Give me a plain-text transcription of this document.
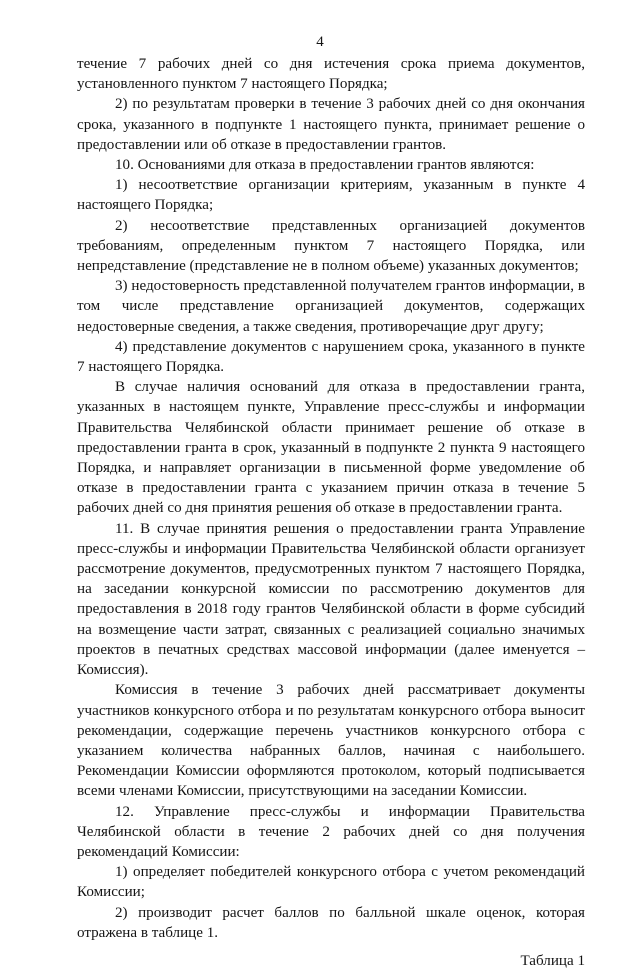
4

течение 7 рабочих дней со дня истечения срока приема документов, установленного пунктом 7 настоящего Порядка;

2) по результатам проверки в течение 3 рабочих дней со дня окончания срока, указанного в подпункте 1 настоящего пункта, принимает решение о предоставлении или об отказе в предоставлении грантов.

10. Основаниями для отказа в предоставлении грантов являются:

1) несоответствие организации критериям, указанным в пункте 4 настоящего Порядка;

2) несоответствие представленных организацией документов требованиям, определенным пунктом 7 настоящего Порядка, или непредставление (представление не в полном объеме) указанных документов;

3) недостоверность представленной получателем грантов информации, в том числе представление организацией документов, содержащих недостоверные сведения, а также сведения, противоречащие друг другу;

4) представление документов с нарушением срока, указанного в пункте 7 настоящего Порядка.

В случае наличия оснований для отказа в предоставлении гранта, указанных в настоящем пункте, Управление пресс-службы и информации Правительства Челябинской области принимает решение об отказе в предоставлении гранта в срок, указанный в подпункте 2 пункта 9 настоящего Порядка, и направляет организации в письменной форме уведомление об отказе в предоставлении гранта с указанием причин отказа в течение 5 рабочих дней со дня принятия решения об отказе в предоставлении гранта.

11. В случае принятия решения о предоставлении гранта Управление пресс-службы и информации Правительства Челябинской области организует рассмотрение документов, предусмотренных пунктом 7 настоящего Порядка, на заседании конкурсной комиссии по рассмотрению документов для предоставления в 2018 году грантов Челябинской области в форме субсидий на возмещение части затрат, связанных с реализацией социально значимых проектов в печатных средствах массовой информации (далее именуется – Комиссия).

Комиссия в течение 3 рабочих дней рассматривает документы участников конкурсного отбора и по результатам конкурсного отбора выносит рекомендации, содержащие перечень участников конкурсного отбора с указанием количества набранных баллов, начиная с наибольшего. Рекомендации Комиссии оформляются протоколом, который подписывается всеми членами Комиссии, присутствующими на заседании Комиссии.

12. Управление пресс-службы и информации Правительства Челябинской области в течение 2 рабочих дней со дня получения рекомендаций Комиссии:

1) определяет победителей конкурсного отбора с учетом рекомендаций Комиссии;

2) производит расчет баллов по балльной шкале оценок, которая отражена в таблице 1.

Таблица 1
